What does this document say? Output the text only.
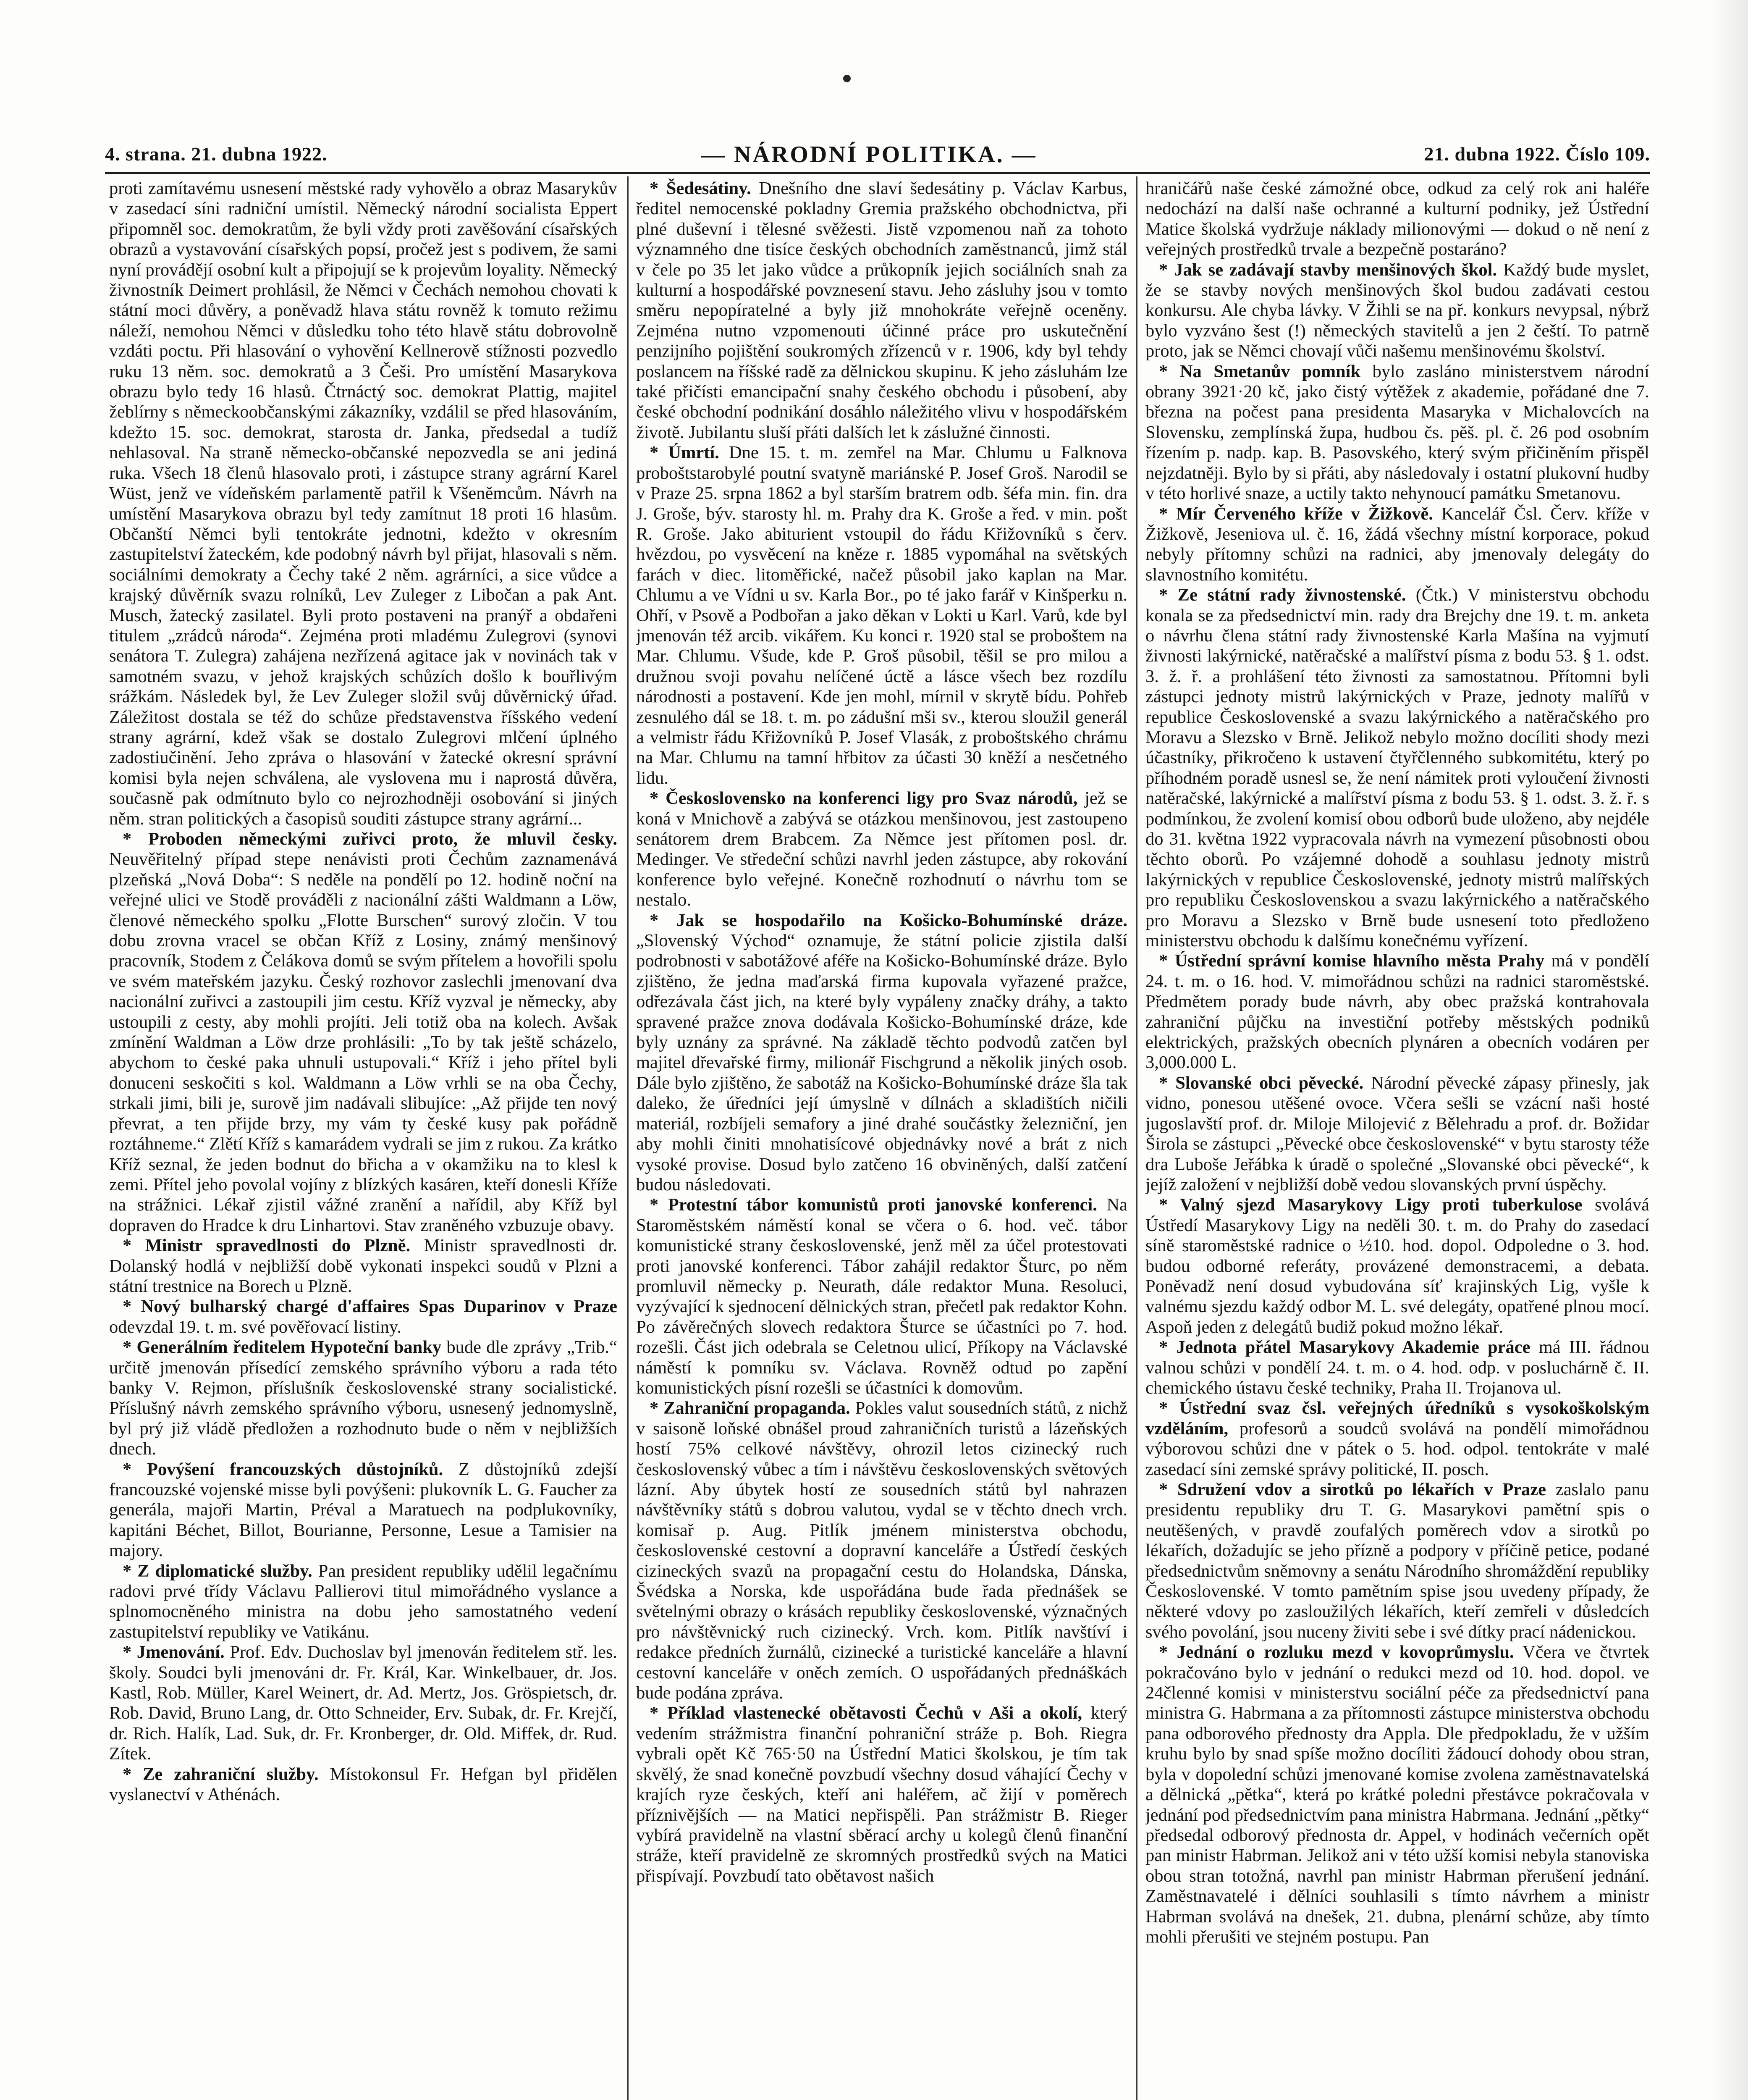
4. strana. 21. dubna 1922.	— NÁRODNÍ POLITIKA. —	21. dubna 1922. Číslo 109.

proti zamítavému usnesení městské rady vyhovělo a obraz Masarykův v zasedací síni radniční umístil. Německý národní socialista Eppert připomněl soc. demokratům, že byli vždy proti zavěšování císařských obrazů a vystavování císařských popsí, pročež jest s podivem, že sami nyní provádějí osobní kult a připojují se k projevům loyality. Německý živnostník Deimert prohlásil, že Němci v Čechách nemohou chovati k státní moci důvěry, a poněvadž hlava státu rovněž k tomuto režimu náleží, nemohou Němci v důsledku toho této hlavě státu dobrovolně vzdáti poctu. Při hlasování o vyhovění Kellnerově stížnosti pozvedlo ruku 13 něm. soc. demokratů a 3 Češi. Pro umístění Masarykova obrazu bylo tedy 16 hlasů. Čtrnáctý soc. demokrat Plattig, majitel žeblírny s německoobčanskými zákazníky, vzdálil se před hlasováním, kdežto 15. soc. demokrat, starosta dr. Janka, předsedal a tudíž nehlasoval. Na straně německo-občanské nepozvedla se ani jediná ruka. Všech 18 členů hlasovalo proti, i zástupce strany agrární Karel Wüst, jenž ve vídeňském parlamentě patřil k Všeněmcům. Návrh na umístění Masarykova obrazu byl tedy zamítnut 18 proti 16 hlasům. Občanští Němci byli tentokráte jednotni, kdežto v okresním zastupitelství žateckém, kde podobný návrh byl přijat, hlasovali s něm. sociálními demokraty a Čechy také 2 něm. agrárníci, a sice vůdce a krajský důvěrník svazu rolníků, Lev Zuleger z Libočan a pak Ant. Musch, žatecký zasilatel. Byli proto postaveni na pranýř a obdařeni titulem „zrádců národa“. Zejména proti mladému Zulegrovi (synovi senátora T. Zulegra) zahájena nezřízená agitace jak v novinách tak v samotném svazu, v jehož krajských schůzích došlo k bouřlivým srážkám. Následek byl, že Lev Zuleger složil svůj důvěrnický úřad. Záležitost dostala se též do schůze představenstva říšského vedení strany agrární, kdež však se dostalo Zulegrovi mlčení úplného zadostiučinění. Jeho zpráva o hlasování v žatecké okresní správní komisi byla nejen schválena, ale vyslovena mu i naprostá důvěra, současně pak odmítnuto bylo co nejrozhodněji osobování si jiných něm. stran politických a časopisů souditi zástupce strany agrární...

* Proboden německými zuřivci proto, že mluvil česky. Neuvěřitelný případ stepe nenávisti proti Čechům zaznamenává plzeňská „Nová Doba“: S neděle na pondělí po 12. hodině noční na veřejné ulici ve Stodě prováděli z nacionální zášti Waldmann a Löw, členové německého spolku „Flotte Burschen“ surový zločin. V tou dobu zrovna vracel se občan Kříž z Losiny, známý menšinový pracovník, Stodem z Čelákova domů se svým přítelem a hovořili spolu ve svém mateřském jazyku. Český rozhovor zaslechli jmenovaní dva nacionální zuřivci a zastoupili jim cestu. Kříž vyzval je německy, aby ustoupili z cesty, aby mohli projíti. Jeli totiž oba na kolech. Avšak zmínění Waldman a Löw drze prohlásili: „To by tak ještě scházelo, abychom to české paka uhnuli ustupovali.“ Kříž i jeho přítel byli donuceni seskočiti s kol. Waldmann a Löw vrhli se na oba Čechy, strkali jimi, bili je, surově jim nadávali slibujíce: „Až přijde ten nový převrat, a ten přijde brzy, my vám ty české kusy pak pořádně roztáhneme.“ Zlětí Kříž s kamarádem vydrali se jim z rukou. Za krátko Kříž seznal, že jeden bodnut do břicha a v okamžiku na to klesl k zemi. Přítel jeho povolal vojíny z blízkých kasáren, kteří donesli Kříže na strážnici. Lékař zjistil vážné zranění a nařídil, aby Kříž byl dopraven do Hradce k dru Linhartovi. Stav zraněného vzbuzuje obavy.

* Ministr spravedlnosti do Plzně. Ministr spravedlnosti dr. Dolanský hodlá v nejbližší době vykonati inspekci soudů v Plzni a státní trestnice na Borech u Plzně.

* Nový bulharský chargé d'affaires Spas Duparinov v Praze odevzdal 19. t. m. své pověřovací listiny.

* Generálním ředitelem Hypoteční banky bude dle zprávy „Trib.“ určitě jmenován přísedící zemského správního výboru a rada této banky V. Rejmon, příslušník československé strany socialistické. Příslušný návrh zemského správního výboru, usnesený jednomyslně, byl prý již vládě předložen a rozhodnuto bude o něm v nejbližších dnech.

* Povýšení francouzských důstojníků. Z důstojníků zdejší francouzské vojenské misse byli povýšeni: plukovník L. G. Faucher za generála, majoři Martin, Préval a Maratuech na podplukovníky, kapitáni Béchet, Billot, Bourianne, Personne, Lesue a Tamisier na majory.

* Z diplomatické služby. Pan president republiky udělil legačnímu radovi prvé třídy Václavu Pallierovi titul mimořádného vyslance a splnomocněného ministra na dobu jeho samostatného vedení zastupitelství republiky ve Vatikánu.

* Jmenování. Prof. Edv. Duchoslav byl jmenován ředitelem stř. les. školy. Soudci byli jmenováni dr. Fr. Král, Kar. Winkelbauer, dr. Jos. Kastl, Rob. Müller, Karel Weinert, dr. Ad. Mertz, Jos. Gröspietsch, dr. Rob. David, Bruno Lang, dr. Otto Schneider, Erv. Subak, dr. Fr. Krejčí, dr. Rich. Halík, Lad. Suk, dr. Fr. Kronberger, dr. Old. Miffek, dr. Rud. Zítek.

* Ze zahraniční služby. Místokonsul Fr. Hefgan byl přidělen vyslanectví v Athénách.

* Šedesátiny. Dnešního dne slaví šedesátiny p. Václav Karbus, ředitel nemocenské pokladny Gremia pražského obchodnictva, při plné duševní i tělesné svěžesti. Jistě vzpomenou naň za tohoto významného dne tisíce českých obchodních zaměstnanců, jimž stál v čele po 35 let jako vůdce a průkopník jejich sociálních snah za kulturní a hospodářské povznesení stavu. Jeho zásluhy jsou v tomto směru nepopíratelné a byly již mnohokráte veřejně oceněny. Zejména nutno vzpomenouti účinné práce pro uskutečnění penzijního pojištění soukromých zřízenců v r. 1906, kdy byl tehdy poslancem na říšské radě za dělnickou skupinu. K jeho zásluhám lze také přičísti emancipační snahy českého obchodu i působení, aby české obchodní podnikání dosáhlo náležitého vlivu v hospodářském životě. Jubilantu sluší přáti dalších let k záslužné činnosti.

* Úmrtí. Dne 15. t. m. zemřel na Mar. Chlumu u Falknova proboštstarobylé poutní svatyně mariánské P. Josef Groš. Narodil se v Praze 25. srpna 1862 a byl starším bratrem odb. šéfa min. fin. dra J. Groše, býv. starosty hl. m. Prahy dra K. Groše a řed. v min. pošt R. Groše. Jako abiturient vstoupil do řádu Křižovníků s červ. hvězdou, po vysvěcení na kněze r. 1885 vypomáhal na světských farách v diec. litoměřické, načež působil jako kaplan na Mar. Chlumu a ve Vídni u sv. Karla Bor., po té jako farář v Kinšperku n. Ohří, v Psově a Podbořan a jako děkan v Lokti u Karl. Varů, kde byl jmenován též arcib. vikářem. Ku konci r. 1920 stal se proboštem na Mar. Chlumu. Všude, kde P. Groš působil, těšil se pro milou a družnou svoji povahu nelíčené úctě a lásce všech bez rozdílu národnosti a postavení. Kde jen mohl, mírnil v skrytě bídu. Pohřeb zesnulého dál se 18. t. m. po zádušní mši sv., kterou sloužil generál a velmistr řádu Křižovníků P. Josef Vlasák, z proboštského chrámu na Mar. Chlumu na tamní hřbitov za účasti 30 kněží a nesčetného lidu.

* Československo na konferenci ligy pro Svaz národů, jež se koná v Mnichově a zabývá se otázkou menšinovou, jest zastoupeno senátorem drem Brabcem. Za Němce jest přítomen posl. dr. Medinger. Ve středeční schůzi navrhl jeden zástupce, aby rokování konference bylo veřejné. Konečně rozhodnutí o návrhu tom se nestalo.

* Jak se hospodařilo na Košicko-Bohumínské dráze. „Slovenský Východ“ oznamuje, že státní policie zjistila další podrobnosti v sabotážové aféře na Košicko-Bohumínské dráze. Bylo zjištěno, že jedna maďarská firma kupovala vyřazené pražce, odřezávala část jich, na které byly vypáleny značky dráhy, a takto spravené pražce znova dodávala Košicko-Bohumínské dráze, kde byly uznány za správné. Na základě těchto podvodů zatčen byl majitel dřevařské firmy, milionář Fischgrund a několik jiných osob. Dále bylo zjištěno, že sabotáž na Košicko-Bohumínské dráze šla tak daleko, že úředníci její úmyslně v dílnách a skladištích ničili materiál, rozbíjeli semafory a jiné drahé součástky železniční, jen aby mohli činiti mnohatisícové objednávky nové a brát z nich vysoké provise. Dosud bylo zatčeno 16 obviněných, další zatčení budou následovati.

* Protestní tábor komunistů proti janovské konferenci. Na Staroměstském náměstí konal se včera o 6. hod. več. tábor komunistické strany československé, jenž měl za účel protestovati proti janovské konferenci. Tábor zahájil redaktor Šturc, po něm promluvil německy p. Neurath, dále redaktor Muna. Resoluci, vyzývající k sjednocení dělnických stran, přečetl pak redaktor Kohn. Po závěrečných slovech redaktora Šturce se účastníci po 7. hod. rozešli. Část jich odebrala se Celetnou ulicí, Příkopy na Václavské náměstí k pomníku sv. Václava. Rovněž odtud po zapění komunistických písní rozešli se účastníci k domovům.

* Zahraniční propaganda. Pokles valut sousedních států, z nichž v saisoně loňské obnášel proud zahraničních turistů a lázeňských hostí 75% celkové návštěvy, ohrozil letos cizinecký ruch československý vůbec a tím i návštěvu československých světových lázní. Aby úbytek hostí ze sousedních států byl nahrazen návštěvníky států s dobrou valutou, vydal se v těchto dnech vrch. komisař p. Aug. Pitlík jménem ministerstva obchodu, československé cestovní a dopravní kanceláře a Ústředí českých cizineckých svazů na propagační cestu do Holandska, Dánska, Švédska a Norska, kde uspořádána bude řada přednášek se světelnými obrazy o krásách republiky československé, význačných pro návštěvnický ruch cizinecký. Vrch. kom. Pitlík navštíví i redakce předních žurnálů, cizinecké a turistické kanceláře a hlavní cestovní kanceláře v oněch zemích. O uspořádaných přednáškách bude podána zpráva.

* Příklad vlastenecké obětavosti Čechů v Aši a okolí, který vedením strážmistra finanční pohraniční stráže p. Boh. Riegra vybrali opět Kč 765·50 na Ústřední Matici školskou, je tím tak skvělý, že snad konečně povzbudí všechny dosud váhající Čechy v krajích ryze českých, kteří ani haléřem, ač žijí v poměrech příznivějších — na Matici nepřispěli. Pan strážmistr B. Rieger vybírá pravidelně na vlastní sběrací archy u kolegů členů finanční stráže, kteří pravidelně ze skromných prostředků svých na Matici přispívají. Povzbudí tato obětavost našich

hraničářů naše české zámožné obce, odkud za celý rok ani haléře nedochází na další naše ochranné a kulturní podniky, jež Ústřední Matice školská vydržuje náklady milionovými — dokud o ně není z veřejných prostředků trvale a bezpečně postaráno?

* Jak se zadávají stavby menšinových škol. Každý bude myslet, že se stavby nových menšinových škol budou zadávati cestou konkursu. Ale chyba lávky. V Žihli se na př. konkurs nevypsal, nýbrž bylo vyzváno šest (!) německých stavitelů a jen 2 čeští. To patrně proto, jak se Němci chovají vůči našemu menšinovému školství.

* Na Smetanův pomník bylo zasláno ministerstvem národní obrany 3921·20 kč, jako čistý výtěžek z akademie, pořádané dne 7. března na počest pana presidenta Masaryka v Michalovcích na Slovensku, zemplínská župa, hudbou čs. pěš. pl. č. 26 pod osobním řízením p. nadp. kap. B. Pasovského, který svým přičiněním přispěl nejzdatněji. Bylo by si přáti, aby následovaly i ostatní plukovní hudby v této horlivé snaze, a uctily takto nehynoucí památku Smetanovu.

* Mír Červeného kříže v Žižkově. Kancelář Čsl. Červ. kříže v Žižkově, Jeseniova ul. č. 16, žádá všechny místní korporace, pokud nebyly přítomny schůzi na radnici, aby jmenovaly delegáty do slavnostního komitétu.

* Ze státní rady živnostenské. (Čtk.) V ministerstvu obchodu konala se za předsednictví min. rady dra Brejchy dne 19. t. m. anketa o návrhu člena státní rady živnostenské Karla Mašína na vyjmutí živnosti lakýrnické, natěračské a malířství písma z bodu 53. § 1. odst. 3. ž. ř. a prohlášení této živnosti za samostatnou. Přítomni byli zástupci jednoty mistrů lakýrnických v Praze, jednoty malířů v republice Československé a svazu lakýrnického a natěračského pro Moravu a Slezsko v Brně. Jelikož nebylo možno docíliti shody mezi účastníky, přikročeno k ustavení čtyřčlenného subkomitétu, který po příhodném poradě usnesl se, že není námitek proti vyloučení živnosti natěračské, lakýrnické a malířství písma z bodu 53. § 1. odst. 3. ž. ř. s podmínkou, že zvolení komisí obou odborů bude uloženo, aby nejdéle do 31. května 1922 vypracovala návrh na vymezení působnosti obou těchto oborů. Po vzájemné dohodě a souhlasu jednoty mistrů lakýrnických v republice Československé, jednoty mistrů malířských pro republiku Československou a svazu lakýrnického a natěračského pro Moravu a Slezsko v Brně bude usnesení toto předloženo ministerstvu obchodu k dalšímu konečnému vyřízení.

* Ústřední správní komise hlavního města Prahy má v pondělí 24. t. m. o 16. hod. V. mimořádnou schůzi na radnici staroměstské. Předmětem porady bude návrh, aby obec pražská kontrahovala zahraniční půjčku na investiční potřeby městských podniků elektrických, pražských obecních plynáren a obecních vodáren per 3,000.000 L.

* Slovanské obci pěvecké. Národní pěvecké zápasy přinesly, jak vidno, ponesou utěšené ovoce. Včera sešli se vzácní naši hosté jugoslavští prof. dr. Miloje Milojević z Bělehradu a prof. dr. Božidar Širola se zástupci „Pěvecké obce československé“ v bytu starosty téže dra Luboše Jeřábka k úradě o společné „Slovanské obci pěvecké“, k jejíž založení v nejbližší době vedou slovanských první úspěchy.

* Valný sjezd Masarykovy Ligy proti tuberkulose svolává Ústředí Masarykovy Ligy na neděli 30. t. m. do Prahy do zasedací síně staroměstské radnice o ½10. hod. dopol. Odpoledne o 3. hod. budou odborné referáty, provázené demonstracemi, a debata. Poněvadž není dosud vybudována síť krajinských Lig, vyšle k valnému sjezdu každý odbor M. L. své delegáty, opatřené plnou mocí. Aspoň jeden z delegátů budiž pokud možno lékař.

* Jednota přátel Masarykovy Akademie práce má III. řádnou valnou schůzi v pondělí 24. t. m. o 4. hod. odp. v posluchárně č. II. chemického ústavu české techniky, Praha II. Trojanova ul.

* Ústřední svaz čsl. veřejných úředníků s vysokoškolským vzděláním, profesorů a soudců svolává na pondělí mimořádnou výborovou schůzi dne v pátek o 5. hod. odpol. tentokráte v malé zasedací síni zemské správy politické, II. posch.

* Sdružení vdov a sirotků po lékařích v Praze zaslalo panu presidentu republiky dru T. G. Masarykovi pamětní spis o neutěšených, v pravdě zoufalých poměrech vdov a sirotků po lékařích, dožadujíc se jeho přízně a podpory v příčině petice, podané předsednictvům sněmovny a senátu Národního shromáždění republiky Československé. V tomto pamětním spise jsou uvedeny případy, že některé vdovy po zasloužilých lékařích, kteří zemřeli v důsledcích svého povolání, jsou nuceny živiti sebe i své dítky prací nádenickou.

* Jednání o rozluku mezd v kovoprůmyslu. Včera ve čtvrtek pokračováno bylo v jednání o redukci mezd od 10. hod. dopol. ve 24členné komisi v ministerstvu sociální péče za předsednictví pana ministra G. Habrmana a za přítomnosti zástupce ministerstva obchodu pana odborového přednosty dra Appla. Dle předpokladu, že v užším kruhu bylo by snad spíše možno docíliti žádoucí dohody obou stran, byla v dopolední schůzi jmenované komise zvolena zaměstnavatelská a dělnická „pětka“, která po krátké poledni přestávce pokračovala v jednání pod předsednictvím pana ministra Habrmana. Jednání „pětky“ předsedal odborový přednosta dr. Appel, v hodinách večerních opět pan ministr Habrman. Jelikož ani v této užší komisi nebyla stanoviska obou stran totožná, navrhl pan ministr Habrman přerušení jednání. Zaměstnavatelé i dělníci souhlasili s tímto návrhem a ministr Habrman svolává na dnešek, 21. dubna, plenární schůze, aby tímto mohli přerušiti ve stejném postupu. Pan
